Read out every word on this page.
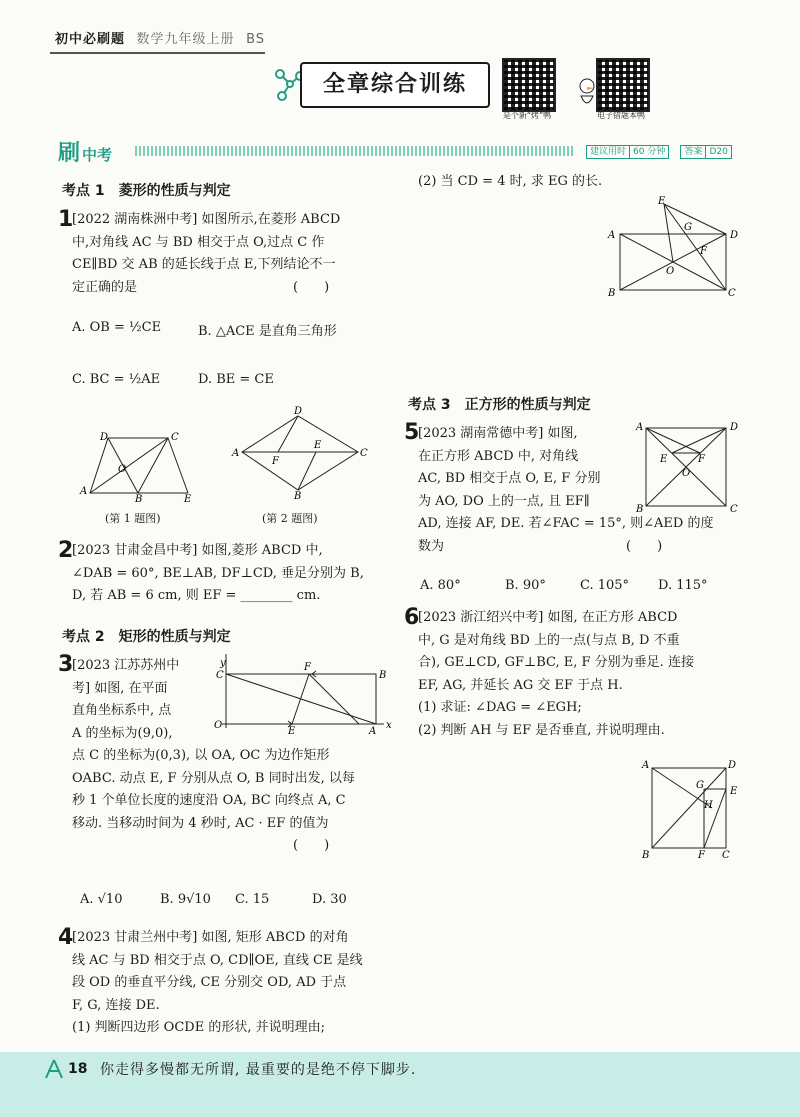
初中必刷题 数学九年级上册 BS
全章综合训练
是个新“烤”鸭	电子错题本鸭
刷 中考	建议用时 60 分钟 答案 D20
考点 1　菱形的性质与判定
1
[2022 湖南株洲中考] 如图所示,在菱形 ABCD
中,对角线 AC 与 BD 相交于点 O,过点 C 作
CE∥BD 交 AB 的延长线于点 E,下列结论不一
定正确的是　　　　　　　　　　　　(　　)
A. OB = ½CE	B. △ACE 是直角三角形
C. BC = ½AE	D. BE = CE
D	C
A
B	E
O
(第 1 题图)
D
A	C
B
F
E
(第 2 题图)
2
[2023 甘肃金昌中考] 如图,菱形 ABCD 中,
∠DAB = 60°, BE⊥AB, DF⊥CD, 垂足分别为 B,
D, 若 AB = 6 cm, 则 EF = ________ cm.
考点 2　矩形的性质与判定
3
[2023 江苏苏州中
考] 如图, 在平面
直角坐标系中, 点
A 的坐标为(9,0),
点 C 的坐标为(0,3), 以 OA, OC 为边作矩形
OABC. 动点 E, F 分别从点 O, B 同时出发, 以每
秒 1 个单位长度的速度沿 OA, BC 向终点 A, C
移动. 当移动时间为 4 秒时, AC · EF 的值为
　　　　　　　　　　　　　　　　　(　　)
y
x
O
C	B
F
E	A
A. √10	B. 9√10 C. 15	D. 30
4
[2023 甘肃兰州中考] 如图, 矩形 ABCD 的对角
线 AC 与 BD 相交于点 O, CD∥OE, 直线 CE 是线
段 OD 的垂直平分线, CE 分别交 OD, AD 于点
F, G, 连接 DE.
(1) 判断四边形 OCDE 的形状, 并说明理由;
(2) 当 CD = 4 时, 求 EG 的长.
E
G
A	D
F
O
B	C
考点 3　正方形的性质与判定
5
[2023 湖南常德中考] 如图,
在正方形 ABCD 中, 对角线
AC, BD 相交于点 O, E, F 分别
为 AO, DO 上的一点, 且 EF∥
AD, 连接 AF, DE. 若∠FAC = 15°, 则∠AED 的度
数为　　　　　　　　　　　　　　(　　)
A	D
E	F
O
B	C
A. 80°	B. 90°	C. 105° D. 115°
6
[2023 浙江绍兴中考] 如图, 在正方形 ABCD
中, G 是对角线 BD 上的一点(与点 B, D 不重
合), GE⊥CD, GF⊥BC, E, F 分别为垂足. 连接
EF, AG, 并延长 AG 交 EF 于点 H.
(1) 求证: ∠DAG = ∠EGH;
(2) 判断 AH 与 EF 是否垂直, 并说明理由.
A	D
G
E
H
B	F C
18 你走得多慢都无所谓, 最重要的是绝不停下脚步.
